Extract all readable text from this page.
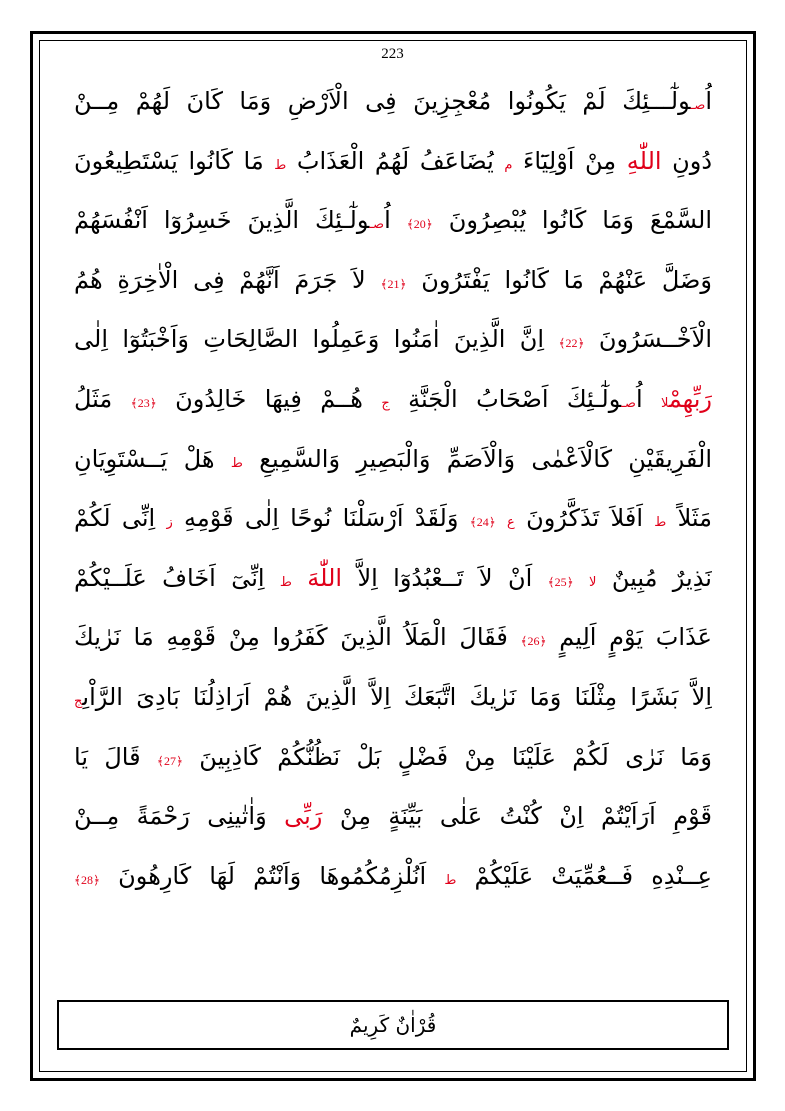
223
اُصـولٰٓـــئِكَ لَمْ يَكُونُوا مُعْجِزِينَ فِى الْاَرْضِ وَمَا كَانَ لَهُمْ مِــنْ
دُونِ اللّٰهِ مِنْ اَوْلِيَٓاءَ م يُضَاعَفُ لَهُمُ الْعَذَابُ ط مَا كَانُوا يَسْتَطِيعُونَ
السَّمْعَ وَمَا كَانُوا يُبْصِرُونَ ﴿20﴾ اُصـولٰٓـئِكَ الَّذِينَ خَسِرُوٓا اَنْفُسَهُمْ
وَضَلَّ عَنْهُمْ مَا كَانُوا يَفْتَرُونَ ﴿21﴾ لاَ جَرَمَ اَنَّهُمْ فِى الْاٰخِرَةِ هُمُ
الْاَخْــسَرُونَ ﴿22﴾ اِنَّ الَّذِينَ اٰمَنُوا وَعَمِلُوا الصَّالِحَاتِ وَاَخْبَتُوٓا اِلٰى
رَبِّهِمْلا اُصـولٰٓـئِكَ اَصْحَابُ الْجَنَّةِ ج هُــمْ فِيهَا خَالِدُونَ ﴿23﴾ مَثَلُ
الْفَرِيقَيْنِ كَالْاَعْمٰى وَالْاَصَمِّ وَالْبَصِيرِ وَالسَّمِيعِ ط هَلْ يَــسْتَوِيَانِ
مَثَلاً ط اَفَلاَ تَذَكَّرُونَ ع ﴿24﴾ وَلَقَدْ اَرْسَلْنَا نُوحًا اِلٰى قَوْمِهِ ز اِنِّى لَكُمْ
نَذِيرٌ مُبِينٌ لا ﴿25﴾ اَنْ لاَ تَــعْبُدُوٓا اِلاَّ اللّٰهَ ط اِنِّىٓ اَخَافُ عَلَــيْكُمْ
عَذَابَ يَوْمٍ اَلِيمٍ ﴿26﴾ فَقَالَ الْمَلَاُ الَّذِينَ كَفَرُوا مِنْ قَوْمِهِ مَا نَرٰيكَ
اِلاَّ بَشَرًا مِثْلَنَا وَمَا نَرٰيكَ اتَّبَعَكَ اِلاَّ الَّذِينَ هُمْ اَرَاذِلُنَا بَادِىَ الرَّاْىِج
وَمَا نَرٰى لَكُمْ عَلَيْنَا مِنْ فَضْلٍ بَلْ نَظُنُّكُمْ كَاذِبِينَ ﴿27﴾ قَالَ يَا
قَوْمِ اَرَاَيْتُمْ اِنْ كُنْتُ عَلٰى بَيِّنَةٍ مِنْ رَبِّى وَاٰتٰينِى رَحْمَةً مِــنْ
عِــنْدِهِ فَــعُمِّيَتْ عَلَيْكُمْ ط اَنُلْزِمُكُمُوهَا وَاَنْتُمْ لَهَا كَارِهُونَ ﴿28﴾
قُرْاٰنٌ كَرِيمٌ
